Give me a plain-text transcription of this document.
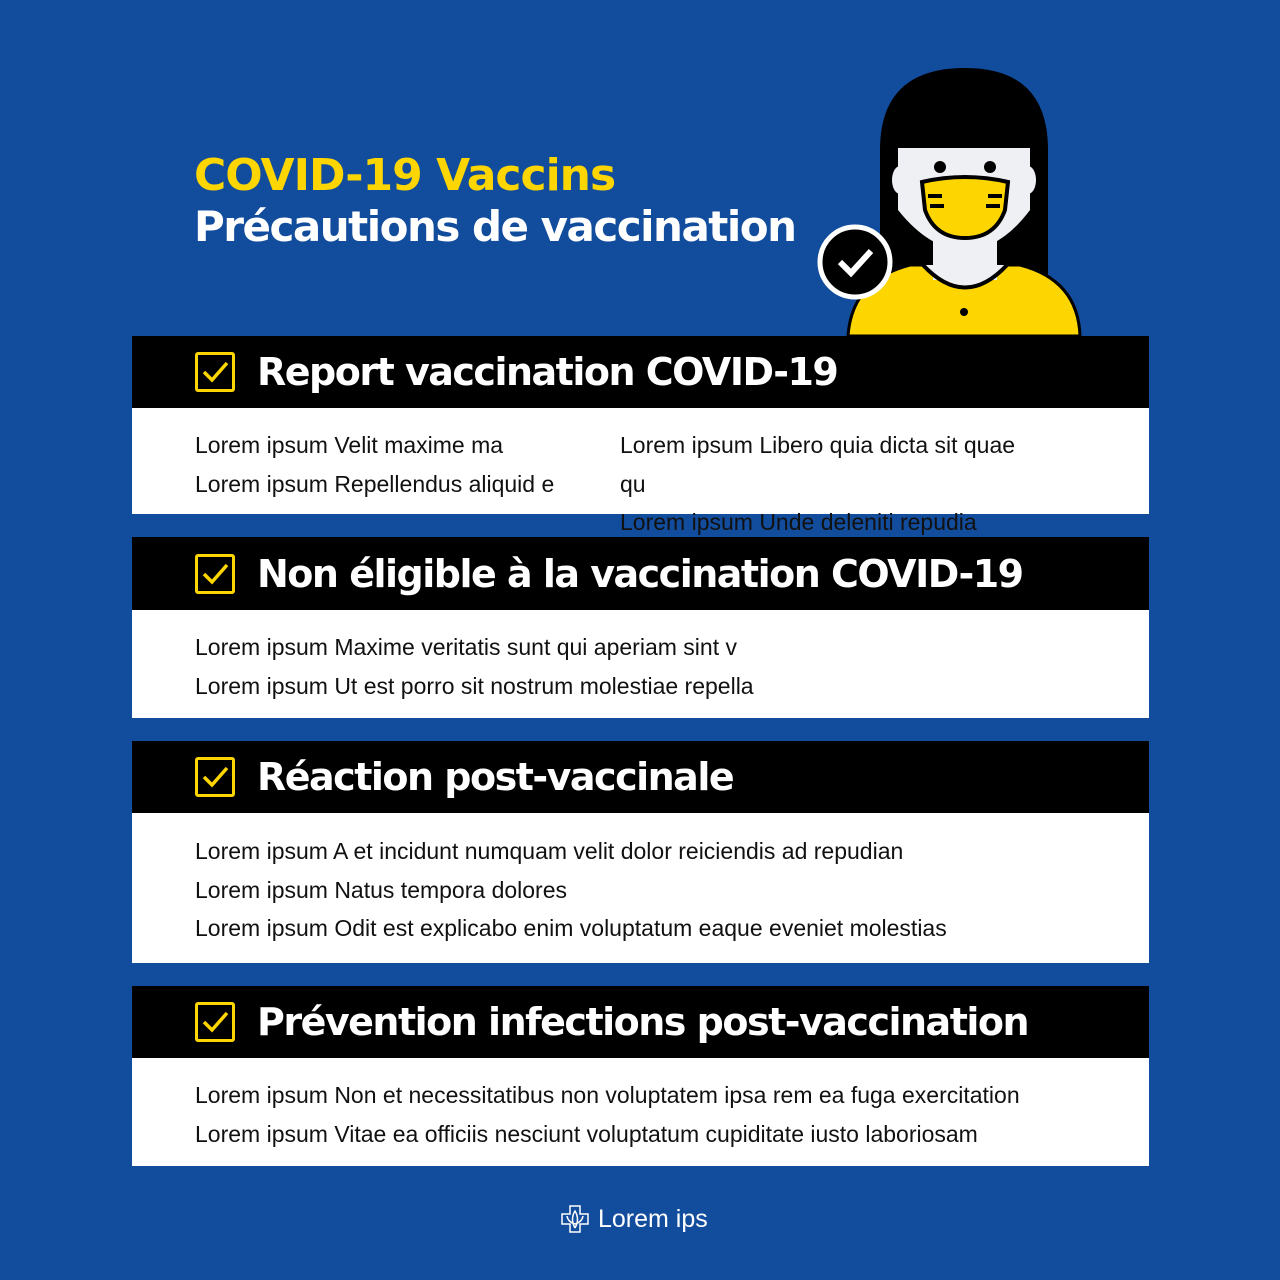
COVID-19 Vaccins
Précautions de vaccination
Report vaccination COVID-19

Lorem ipsum Velit maxime ma

Lorem ipsum Repellendus aliquid e

Lorem ipsum Libero quia dicta sit quae qu

Lorem ipsum Unde deleniti repudia

Non éligible à la vaccination COVID-19

Lorem ipsum Maxime veritatis sunt qui aperiam sint v

Lorem ipsum Ut est porro sit nostrum molestiae repella

Réaction post-vaccinale

Lorem ipsum A et incidunt numquam velit dolor reiciendis ad repudian

Lorem ipsum Natus tempora dolores

Lorem ipsum Odit est explicabo enim voluptatum eaque eveniet molestias

Prévention infections post-vaccination

Lorem ipsum Non et necessitatibus non voluptatem ipsa rem ea fuga exercitation

Lorem ipsum Vitae ea officiis nesciunt voluptatum cupiditate iusto laboriosam

Lorem ips
